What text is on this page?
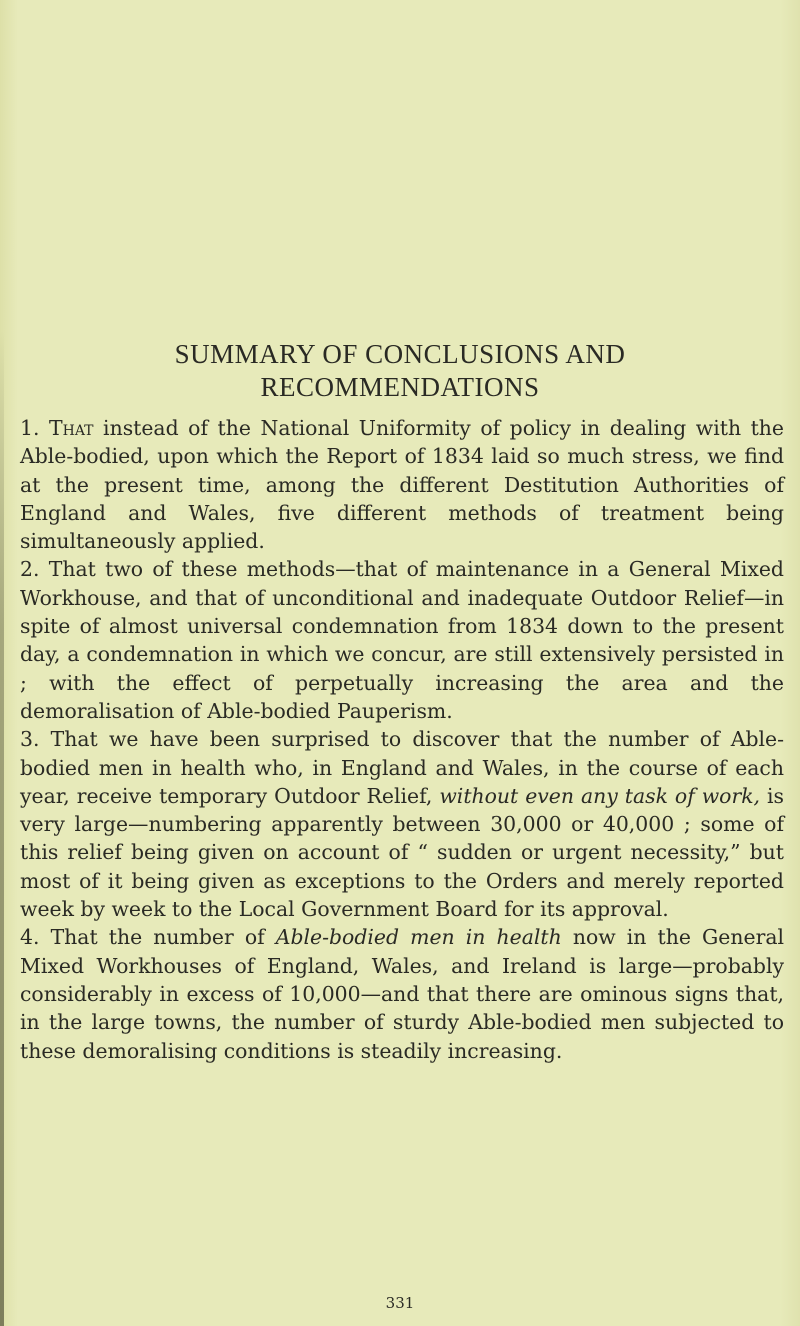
SUMMARY OF CONCLUSIONS AND
RECOMMENDATIONS

1. That instead of the National Uniformity of policy in dealing with the Able-bodied, upon which the Report of 1834 laid so much stress, we find at the present time, among the different Destitution Authorities of England and Wales, five different methods of treatment being simultaneously applied.

2. That two of these methods—that of maintenance in a General Mixed Workhouse, and that of unconditional and inadequate Outdoor Relief—in spite of almost universal condemnation from 1834 down to the present day, a condemnation in which we concur, are still extensively persisted in ; with the effect of perpetually increasing the area and the demoralisation of Able-bodied Pauperism.

3. That we have been surprised to discover that the number of Able-bodied men in health who, in England and Wales, in the course of each year, receive temporary Outdoor Relief, without even any task of work, is very large—numbering apparently between 30,000 or 40,000 ; some of this relief being given on account of “ sudden or urgent necessity,” but most of it being given as exceptions to the Orders and merely reported week by week to the Local Government Board for its approval.

4. That the number of Able-bodied men in health now in the General Mixed Workhouses of England, Wales, and Ireland is large—probably considerably in excess of 10,000—and that there are ominous signs that, in the large towns, the number of sturdy Able-bodied men subjected to these demoralising conditions is steadily increasing.

331
